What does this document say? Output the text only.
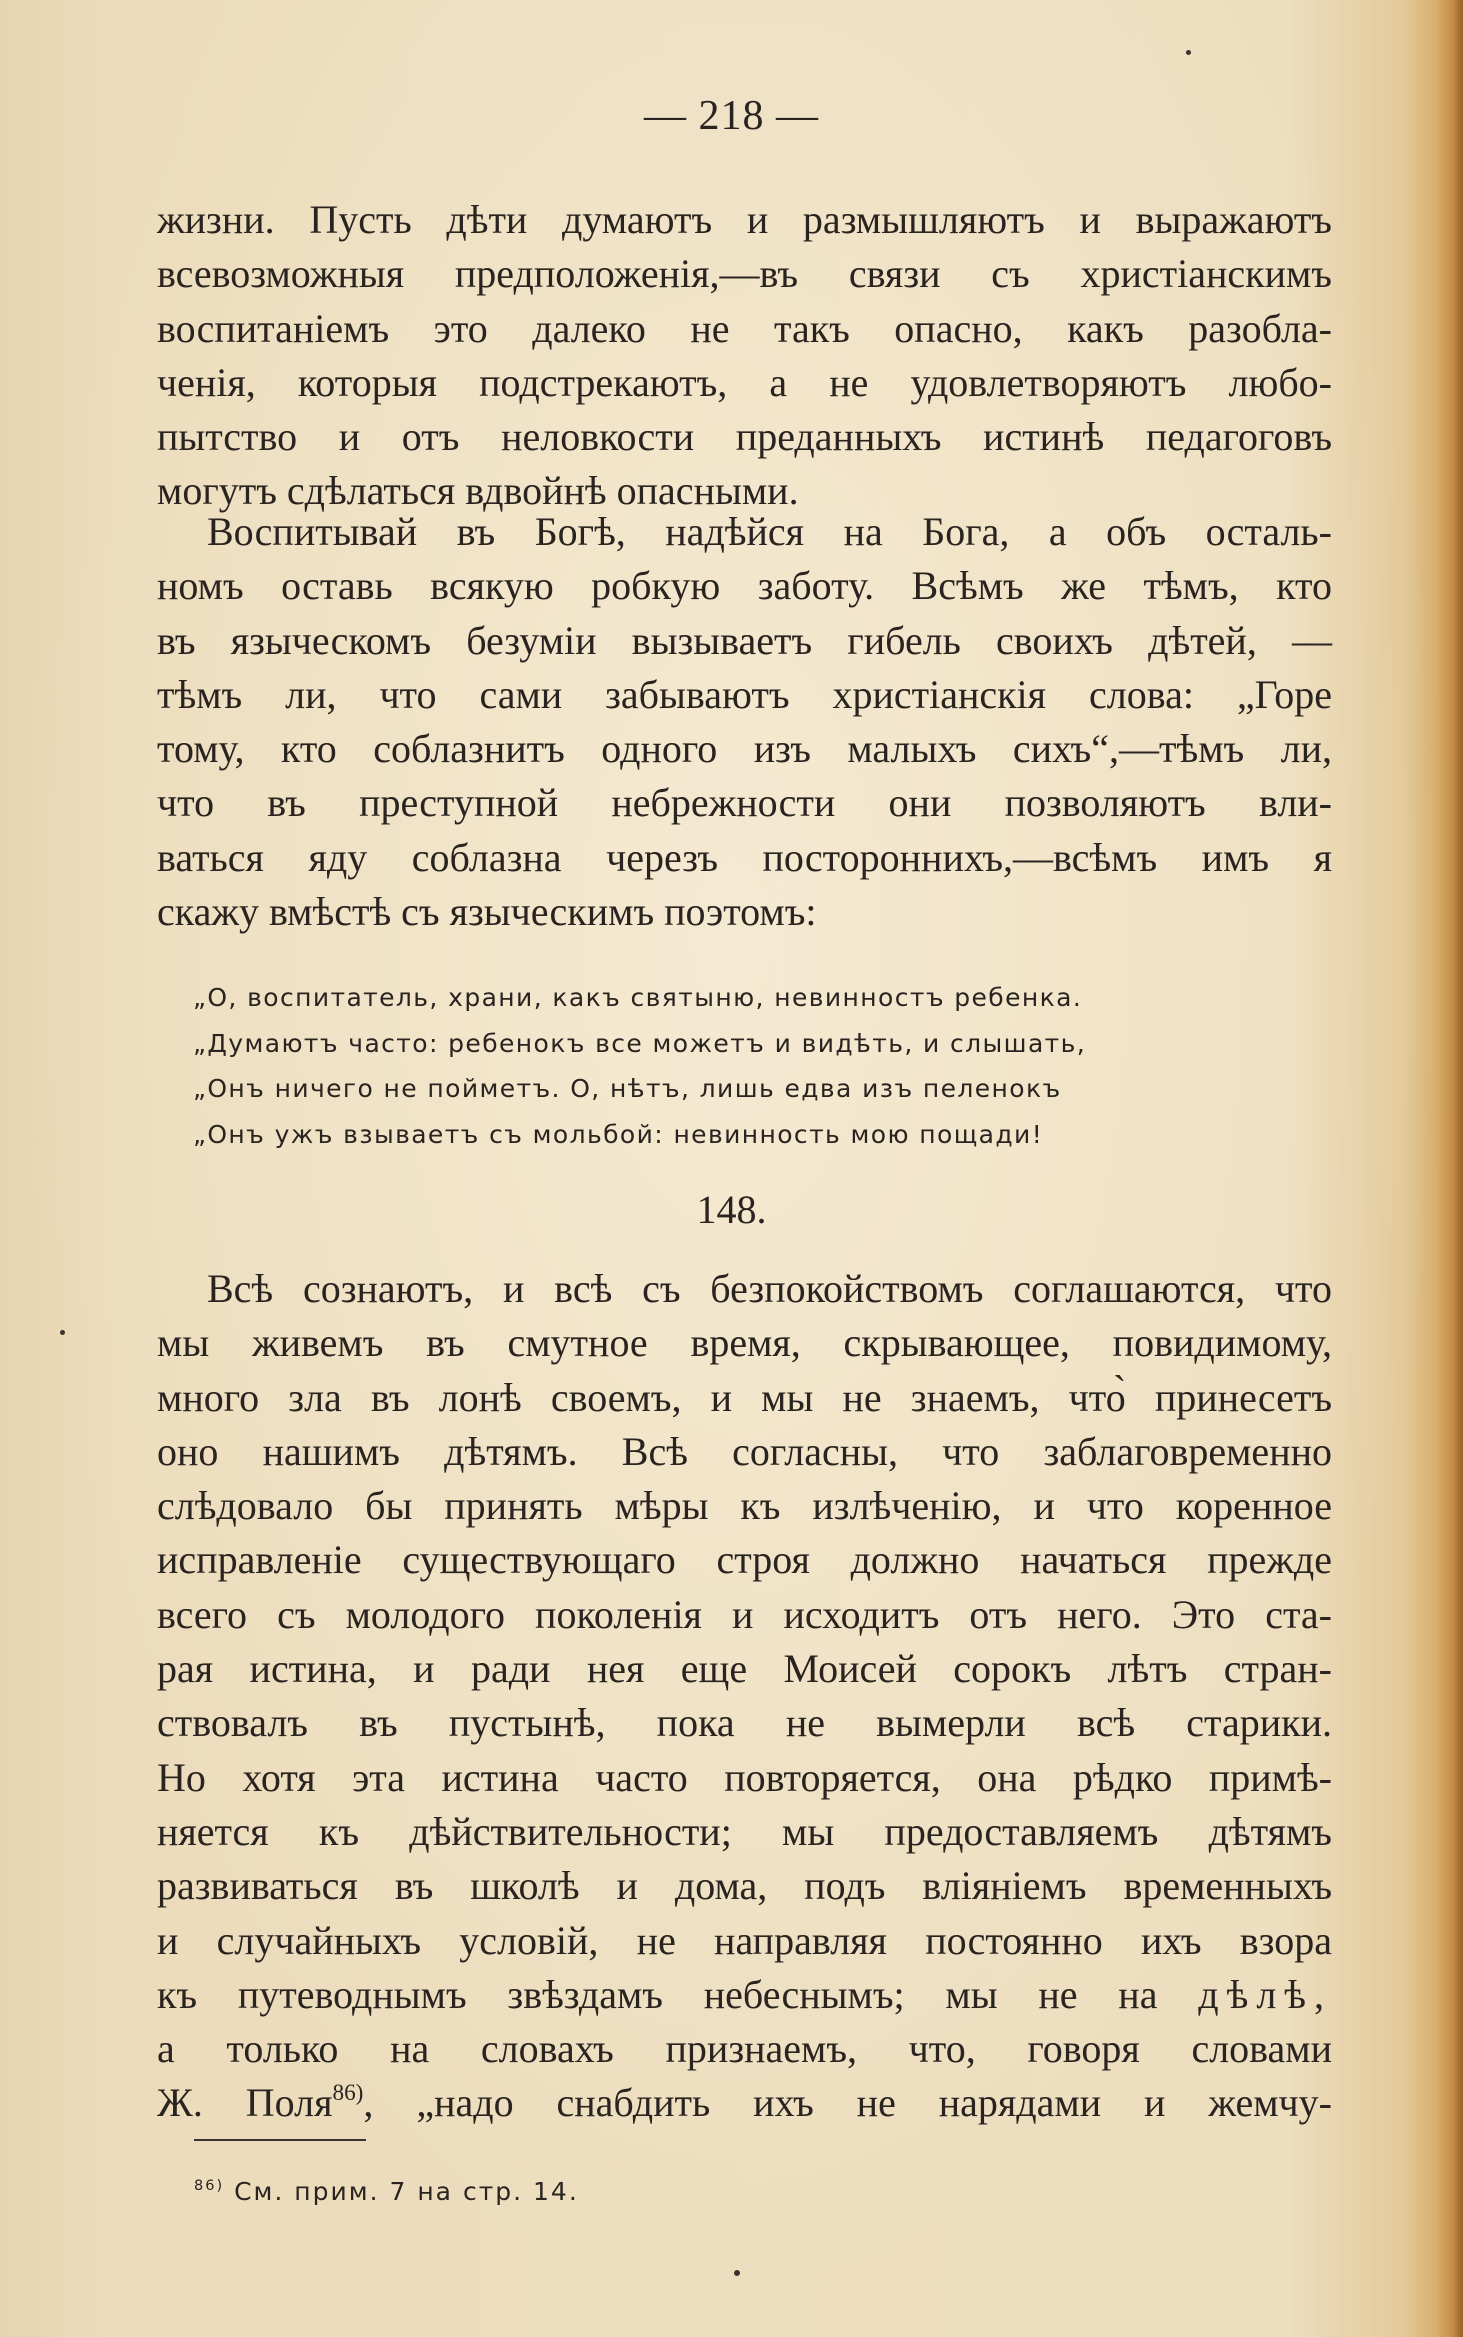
— 218 —
жизни. Пусть дѣти думаютъ и размышляютъ и выражаютъ
всевозможныя предположенія,—въ связи съ христіанскимъ
воспитаніемъ это далеко не такъ опасно, какъ разобла-
ченія, которыя подстрекаютъ, а не удовлетворяютъ любо-
пытство и отъ неловкости преданныхъ истинѣ педагоговъ
могутъ сдѣлаться вдвойнѣ опасными.
Воспитывай въ Богѣ, надѣйся на Бога, а объ осталь-
номъ оставь всякую робкую заботу. Всѣмъ же тѣмъ, кто
въ языческомъ безуміи вызываетъ гибель своихъ дѣтей, —
тѣмъ ли, что сами забываютъ христіанскія слова: „Горе
тому, кто соблазнитъ одного изъ малыхъ сихъ“,—тѣмъ ли,
что въ преступной небрежности они позволяютъ вли-
ваться яду соблазна черезъ постороннихъ,—всѣмъ имъ я
скажу вмѣстѣ съ языческимъ поэтомъ:
„О, воспитатель, храни, какъ святыню, невинностъ ребенка.
„Думаютъ часто: ребенокъ все можетъ и видѣть, и слышать,
„Онъ ничего не пойметъ. О, нѣтъ, лишь едва изъ пеленокъ
„Онъ ужъ взываетъ съ мольбой: невинность мою пощади!
148.
Всѣ сознаютъ, и всѣ съ безпокойствомъ соглашаются, что
мы живемъ въ смутное время, скрывающее, повидимому,
много зла въ лонѣ своемъ, и мы не знаемъ, что̀ принесетъ
оно нашимъ дѣтямъ. Всѣ согласны, что заблаговременно
слѣдовало бы принять мѣры къ излѣченію, и что коренное
исправленіе существующаго строя должно начаться прежде
всего съ молодого поколенія и исходитъ отъ него. Это ста-
рая истина, и ради нея еще Моисей сорокъ лѣтъ стран-
ствовалъ въ пустынѣ, пока не вымерли всѣ старики.
Но хотя эта истина часто повторяется, она рѣдко примѣ-
няется къ дѣйствительности; мы предоставляемъ дѣтямъ
развиваться въ школѣ и дома, подъ вліяніемъ временныхъ
и случайныхъ условій, не направляя постоянно ихъ взора
къ путеводнымъ звѣздамъ небеснымъ; мы не на дѣлѣ,
а только на словахъ признаемъ, что, говоря словами
Ж. Поля$^{86)}$, „надо снабдить ихъ не нарядами и жемчу-
$^{86)}$ См. прим. 7 на стр. 14.
